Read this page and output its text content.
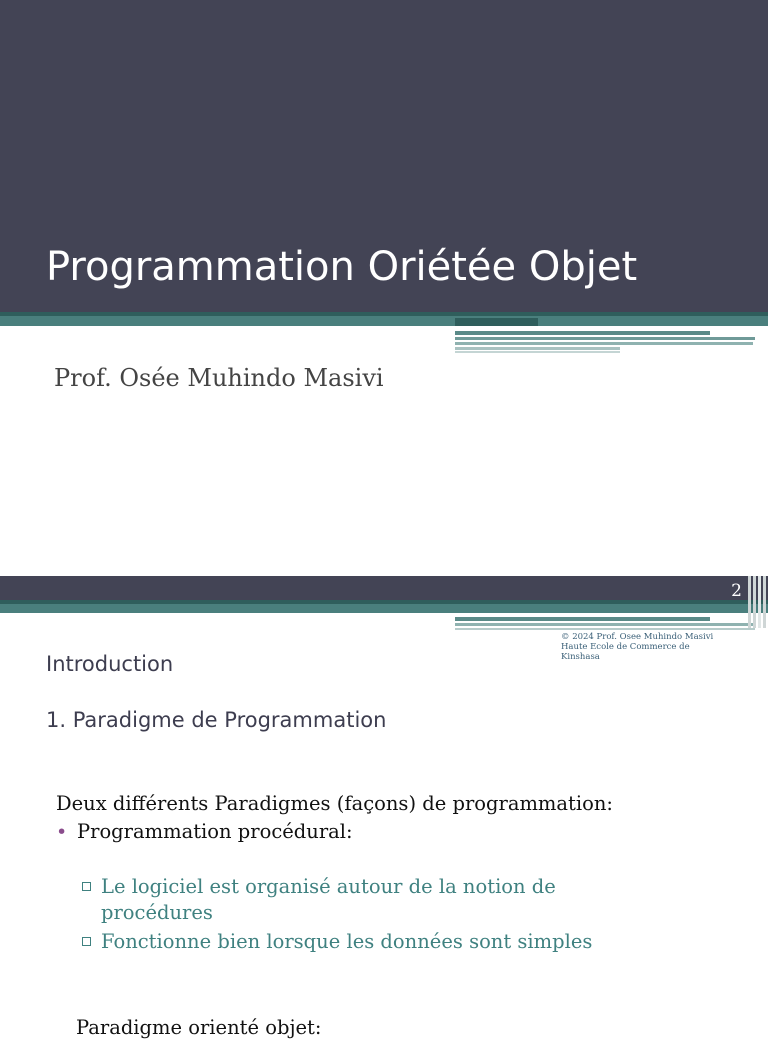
Programmation Oriétée Objet
Prof. Osée Muhindo Masivi
2
© 2024 Prof. Osee Muhindo Masivi
Haute Ecole de Commerce de
Kinshasa
Introduction
1. Paradigme de Programmation
Deux différents Paradigmes (façons) de programmation:
• Programmation procédural:
Le logiciel est organisé autour de la notion de procédures
Fonctionne bien lorsque les données sont simples
Paradigme orienté objet:
